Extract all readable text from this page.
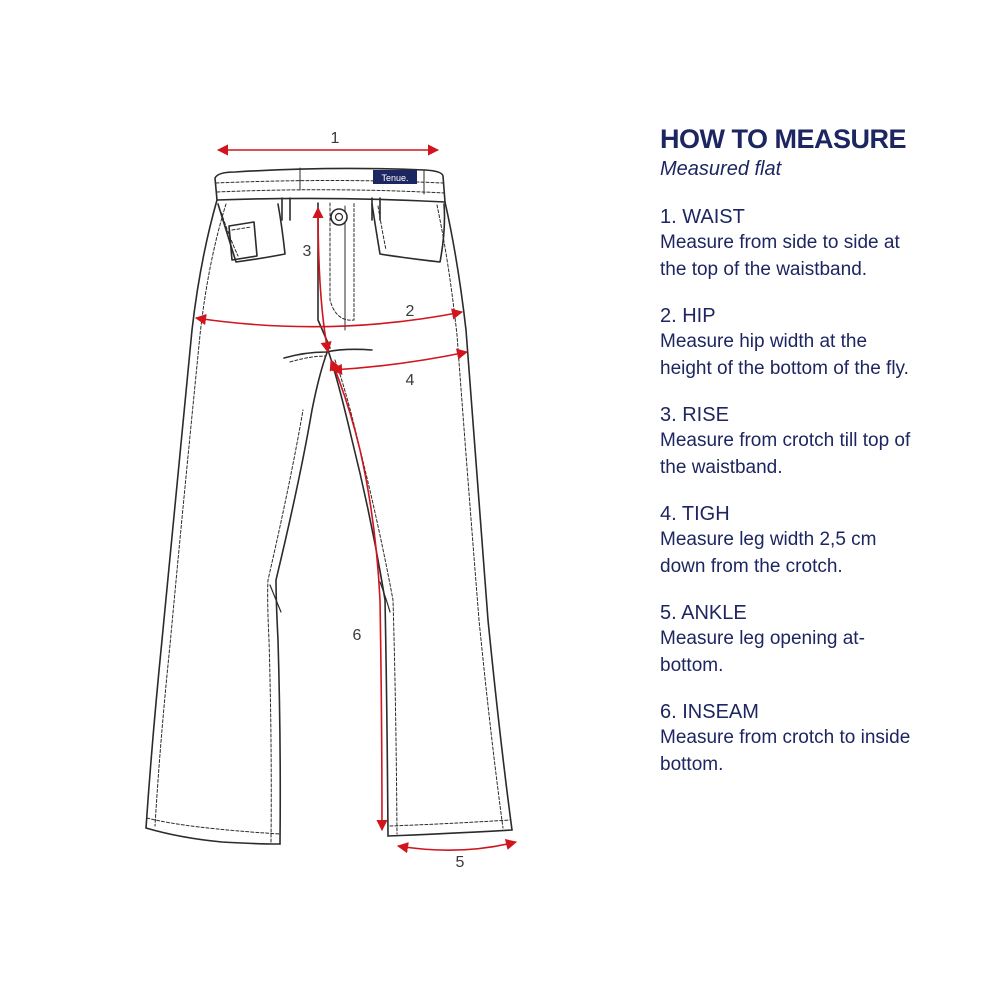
Tenue.
1
2
3
4
5
6
HOW TO MEASURE

Measured flat

1. WAIST
Measure from side to side at the top of the waistband.
2. HIP
Measure hip width at the height of the bottom of the fly.
3. RISE
Measure from crotch till top of the waistband.
4. TIGH
Measure leg width 2,5 cm down from the crotch.
5. ANKLE
Measure leg opening at-bottom.
6. INSEAM
Measure from crotch to inside bottom.
